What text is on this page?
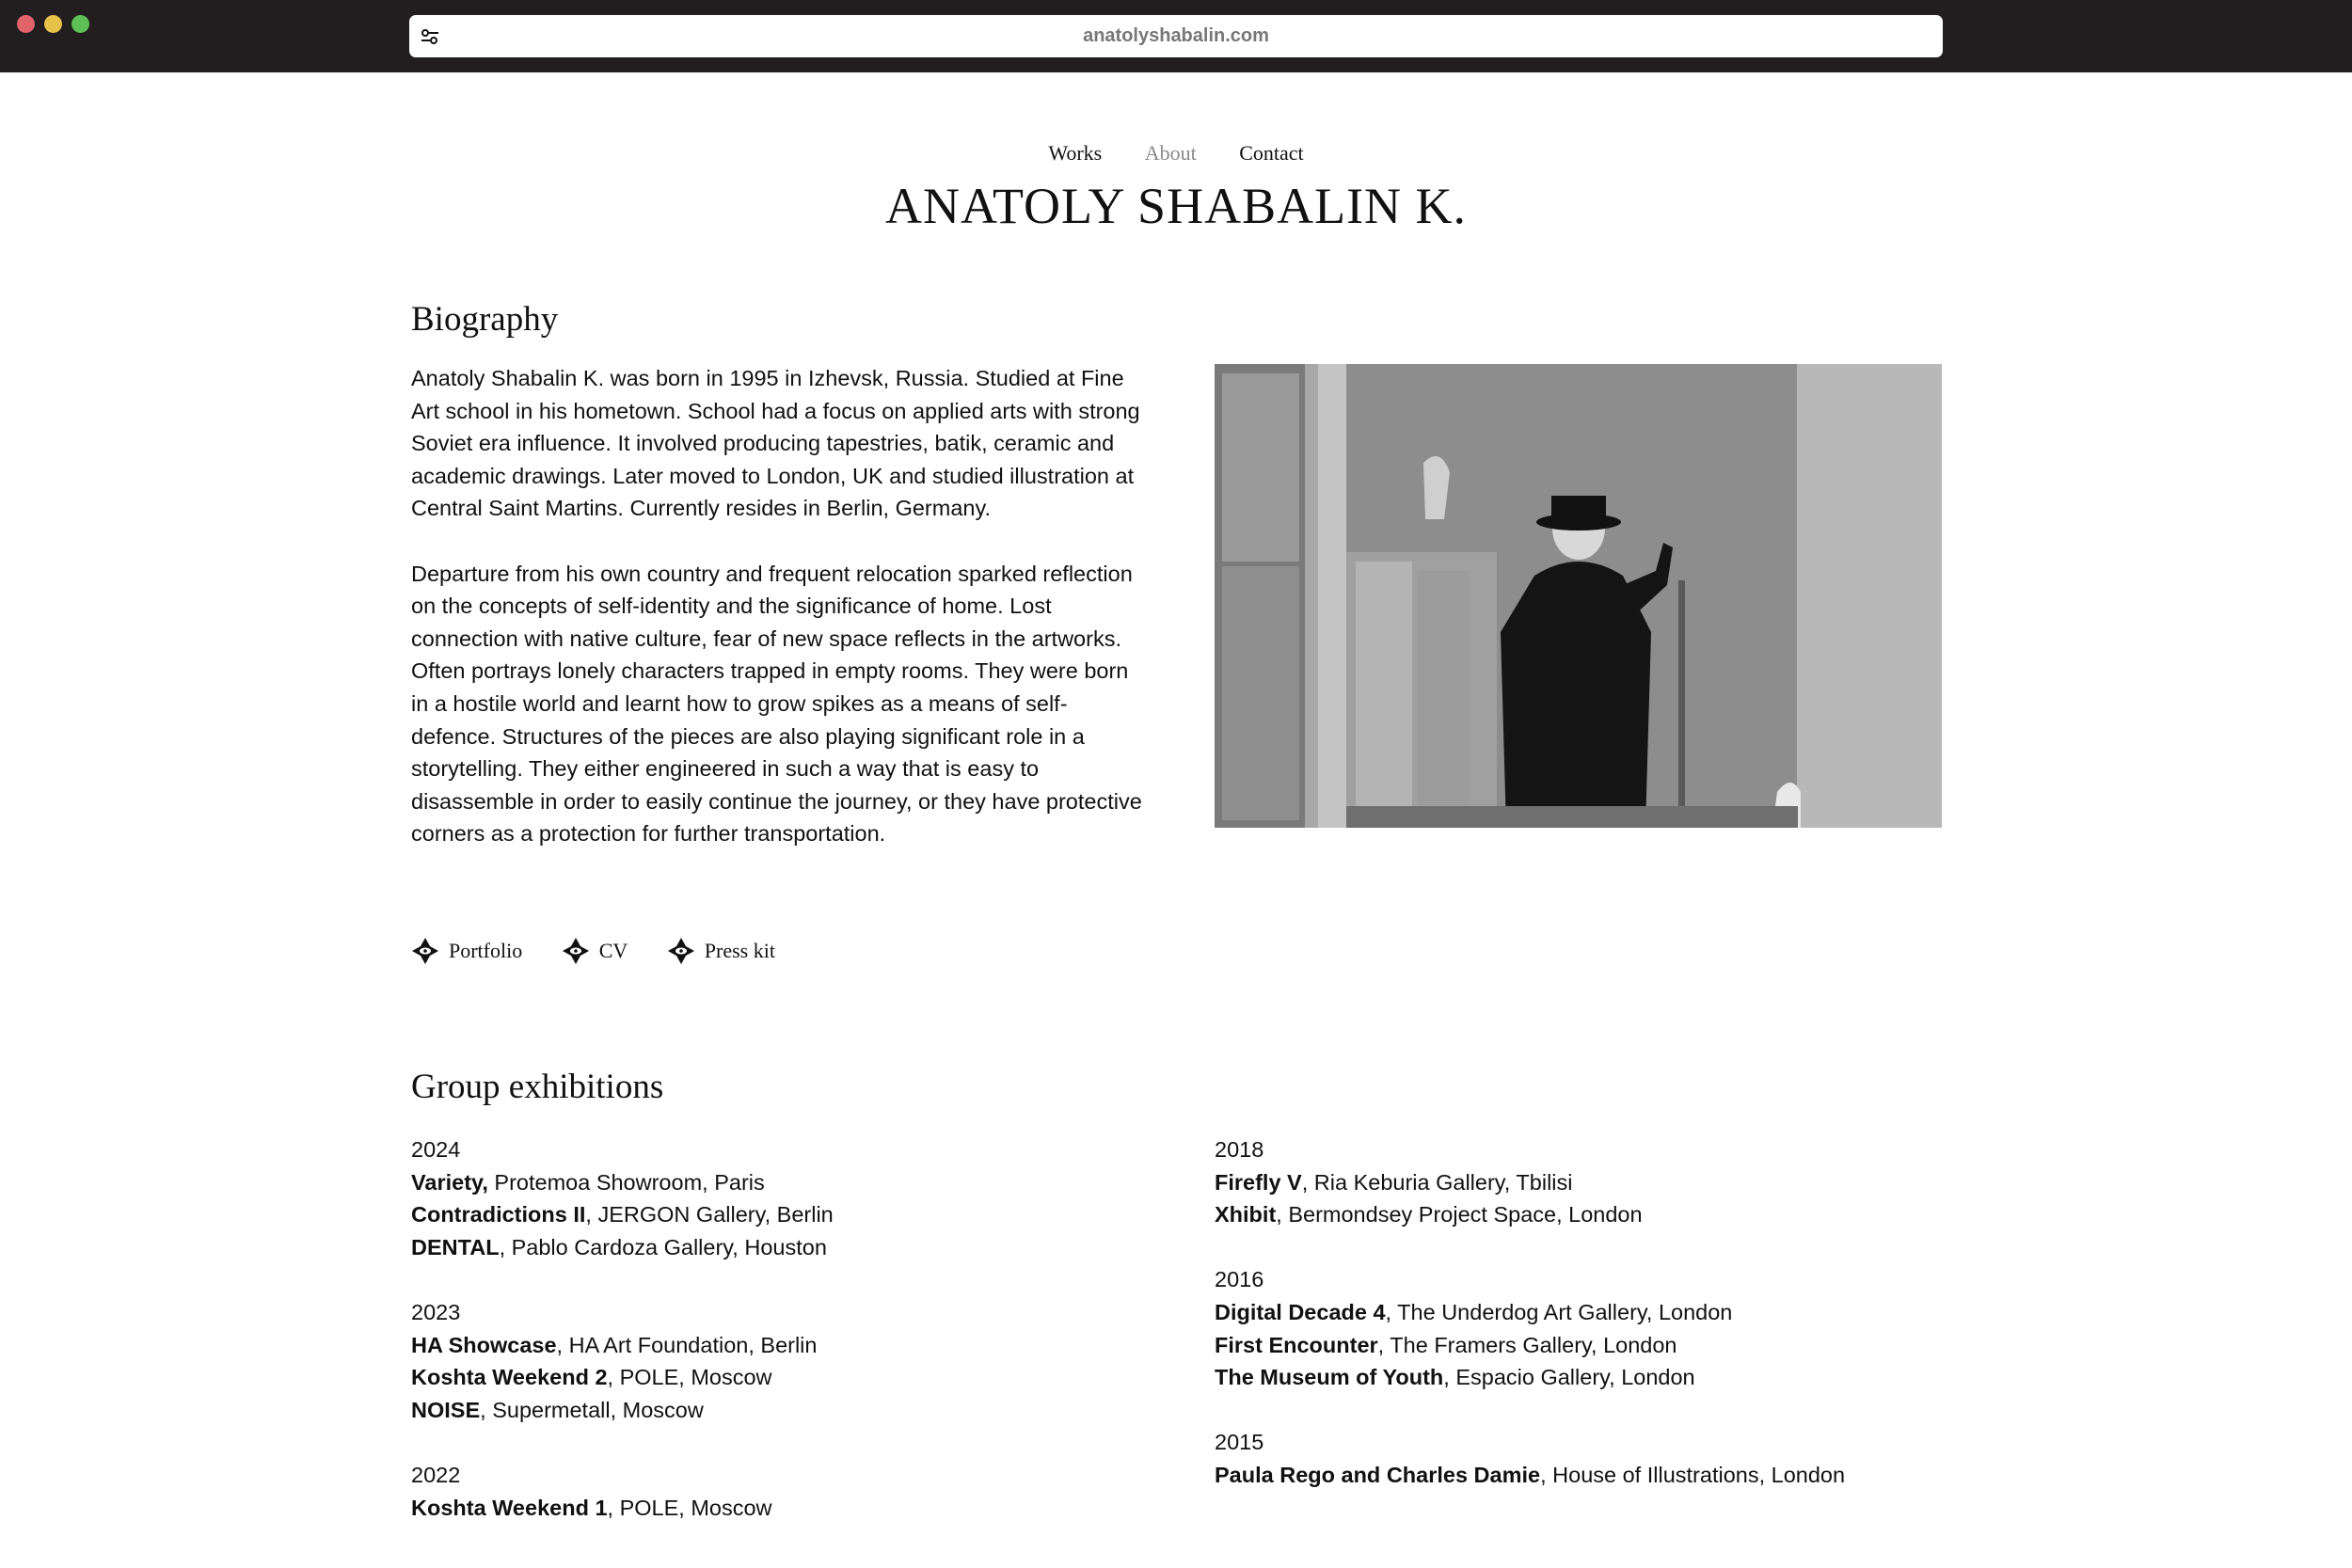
anatolyshabalin.com
Works About Contact
ANATOLY SHABALIN K.
Biography

Anatoly Shabalin K. was born in 1995 in Izhevsk, Russia. Studied at Fine Art school in his hometown. School had a focus on applied arts with strong Soviet era influence. It involved producing tapestries, batik, ceramic and academic drawings. Later moved to London, UK and studied illustration at Central Saint Martins. Currently resides in Berlin, Germany.

Departure from his own country and frequent relocation sparked reflection on the concepts of self-identity and the significance of home. Lost connection with native culture, fear of new space reflects in the artworks. Often portrays lonely characters trapped in empty rooms. They were born in a hostile world and learnt how to grow spikes as a means of self-defence. Structures of the pieces are also playing significant role in a storytelling. They either engineered in such a way that is easy to disassemble in order to easily continue the journey, or they have protective corners as a protection for further transportation.

Portfolio
	CV
	Press kit
Group exhibitions
2024
Variety, Protemoa Showroom, Paris
Contradictions II, JERGON Gallery, Berlin
DENTAL, Pablo Cardoza Gallery, Houston
2023
HA Showcase, HA Art Foundation, Berlin
Koshta Weekend 2, POLE, Moscow
NOISE, Supermetall, Moscow
2022
Koshta Weekend 1, POLE, Moscow
2018
Firefly V, Ria Keburia Gallery, Tbilisi
Xhibit, Bermondsey Project Space, London
2016
Digital Decade 4, The Underdog Art Gallery, London
First Encounter, The Framers Gallery, London
The Museum of Youth, Espacio Gallery, London
2015
Paula Rego and Charles Damie, House of Illustrations, London
